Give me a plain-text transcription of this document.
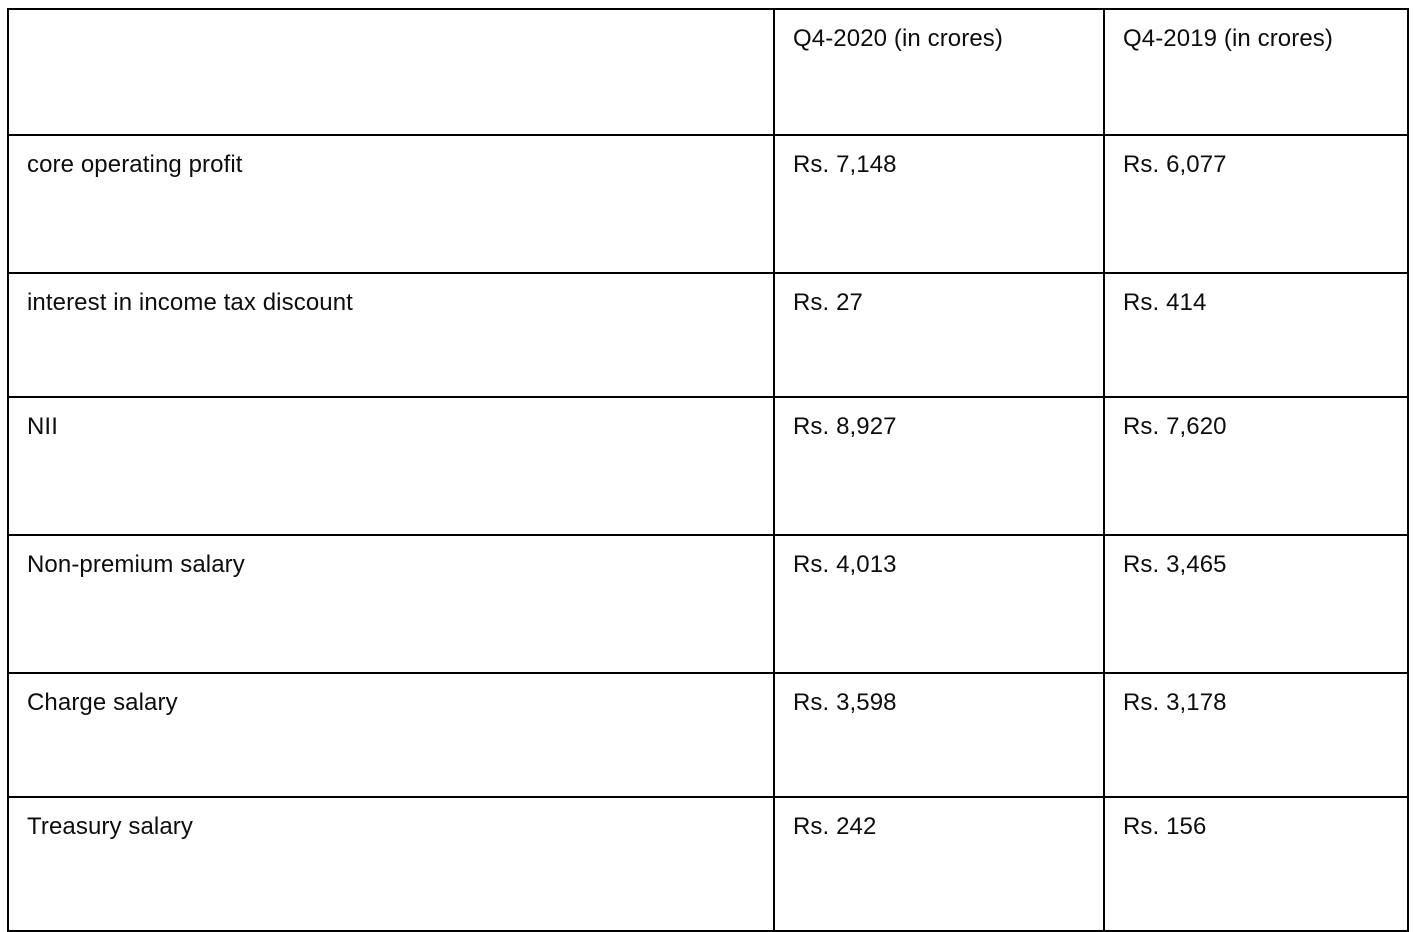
	Q4-2020 (in crores)	Q4-2019 (in crores)
core operating profit	Rs. 7,148	Rs. 6,077
interest in income tax discount	Rs. 27	Rs. 414
NII	Rs. 8,927	Rs. 7,620
Non-premium salary	Rs. 4,013	Rs. 3,465
Charge salary	Rs. 3,598	Rs. 3,178
Treasury salary	Rs. 242	Rs. 156
